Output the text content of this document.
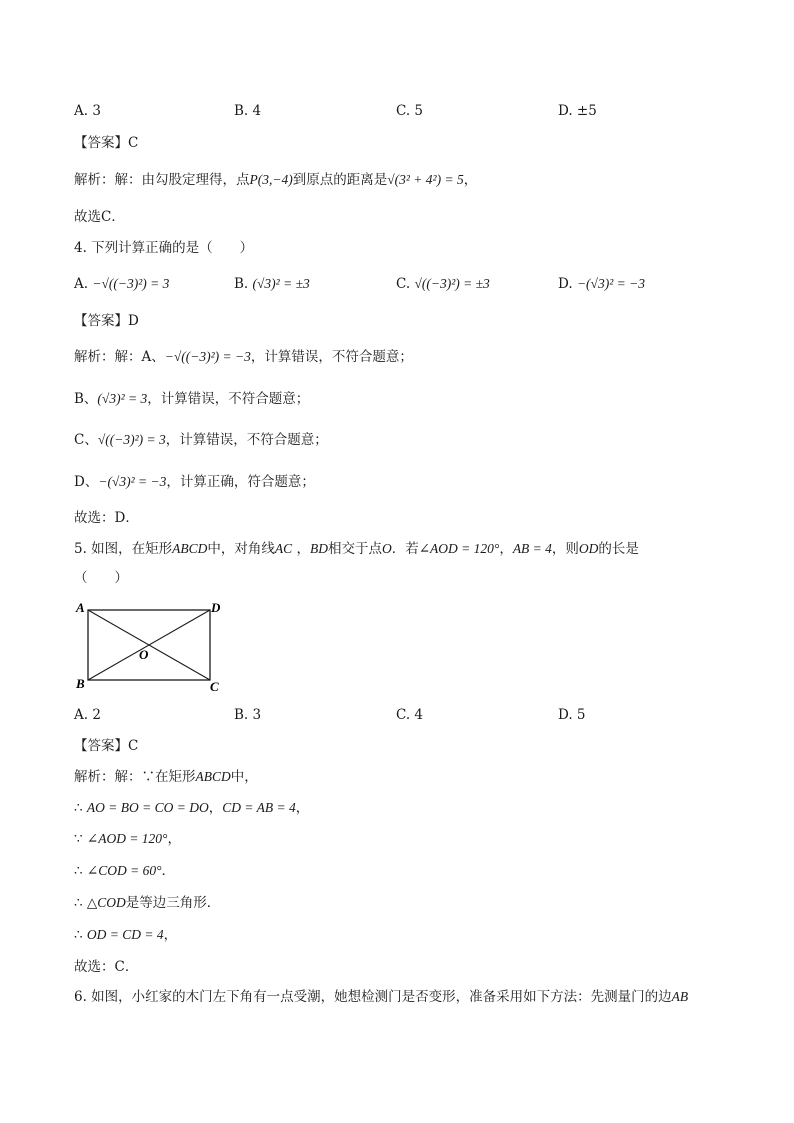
A. 3	B. 4	C. 5	D. ±5
【答案】C
解析：解：由勾股定理得，点P(3,−4)到原点的距离是√(3² + 4²) = 5，
故选C．
4. 下列计算正确的是（　　）
A. −√((−3)²) = 3	B. (√3)² = ±3	C. √((−3)²) = ±3	D. −(√3)² = −3
【答案】D
解析：解：A、−√((−3)²) = −3，计算错误，不符合题意；
B、(√3)² = 3，计算错误，不符合题意；
C、√((−3)²) = 3，计算错误，不符合题意；
D、−(√3)² = −3，计算正确，符合题意；
故选：D．
5. 如图，在矩形ABCD中，对角线AC ，BD相交于点O．若∠AOD = 120°，AB = 4，则OD的长是
（　　）
A	D
O
B	C
A. 2	B. 3	C. 4	D. 5
【答案】C
解析：解：∵在矩形ABCD中，
∴ AO = BO = CO = DO，CD = AB = 4，
∵ ∠AOD = 120°，
∴ ∠COD = 60°．
∴ △COD是等边三角形．
∴ OD = CD = 4，
故选：C．
6. 如图，小红家的木门左下角有一点受潮，她想检测门是否变形，准备采用如下方法：先测量门的边AB
